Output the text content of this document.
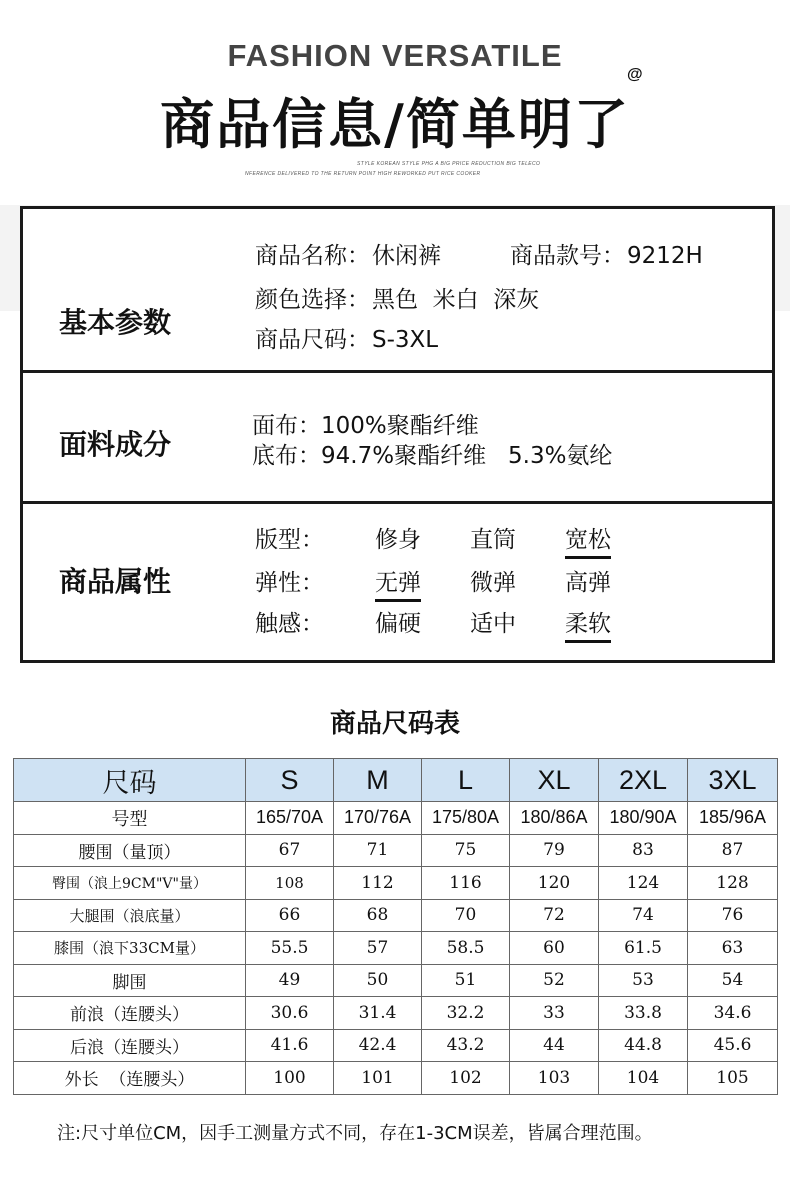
FASHION VERSATILE
商品信息/简单明了
@
STYLE KOREAN STYLE PHG A BIG PRICE REDUCTION BIG TELECO
NFERENCE DELIVERED TO THE RETURN POINT HIGH REWORKED PUT RICE COOKER
基本参数
商品名称：休闲裤	商品款号：9212H
颜色选择：黑色  米白  深灰
商品尺码：S-3XL
面料成分
面布：100%聚酯纤维
底布：94.7%聚酯纤维   5.3%氨纶
商品属性
版型： 修身 直筒 宽松
弹性： 无弹 微弹 高弹
触感： 偏硬 适中 柔软
商品尺码表
尺码	S	M	L	XL	2XL	3XL
号型	165/70A	170/76A	175/80A	180/86A	180/90A	185/96A
腰围（量顶）	67	71	75	79	83	87
臀围（浪上9CM"V"量）	108	112	116	120	124	128
大腿围（浪底量）	66	68	70	72	74	76
膝围（浪下33CM量）	55.5	57	58.5	60	61.5	63
脚围	49	50	51	52	53	54
前浪（连腰头）	30.6	31.4	32.2	33	33.8	34.6
后浪（连腰头）	41.6	42.4	43.2	44	44.8	45.6
外长  （连腰头）	100	101	102	103	104	105
注:尺寸单位CM，因手工测量方式不同，存在1-3CM误差，皆属合理范围。
